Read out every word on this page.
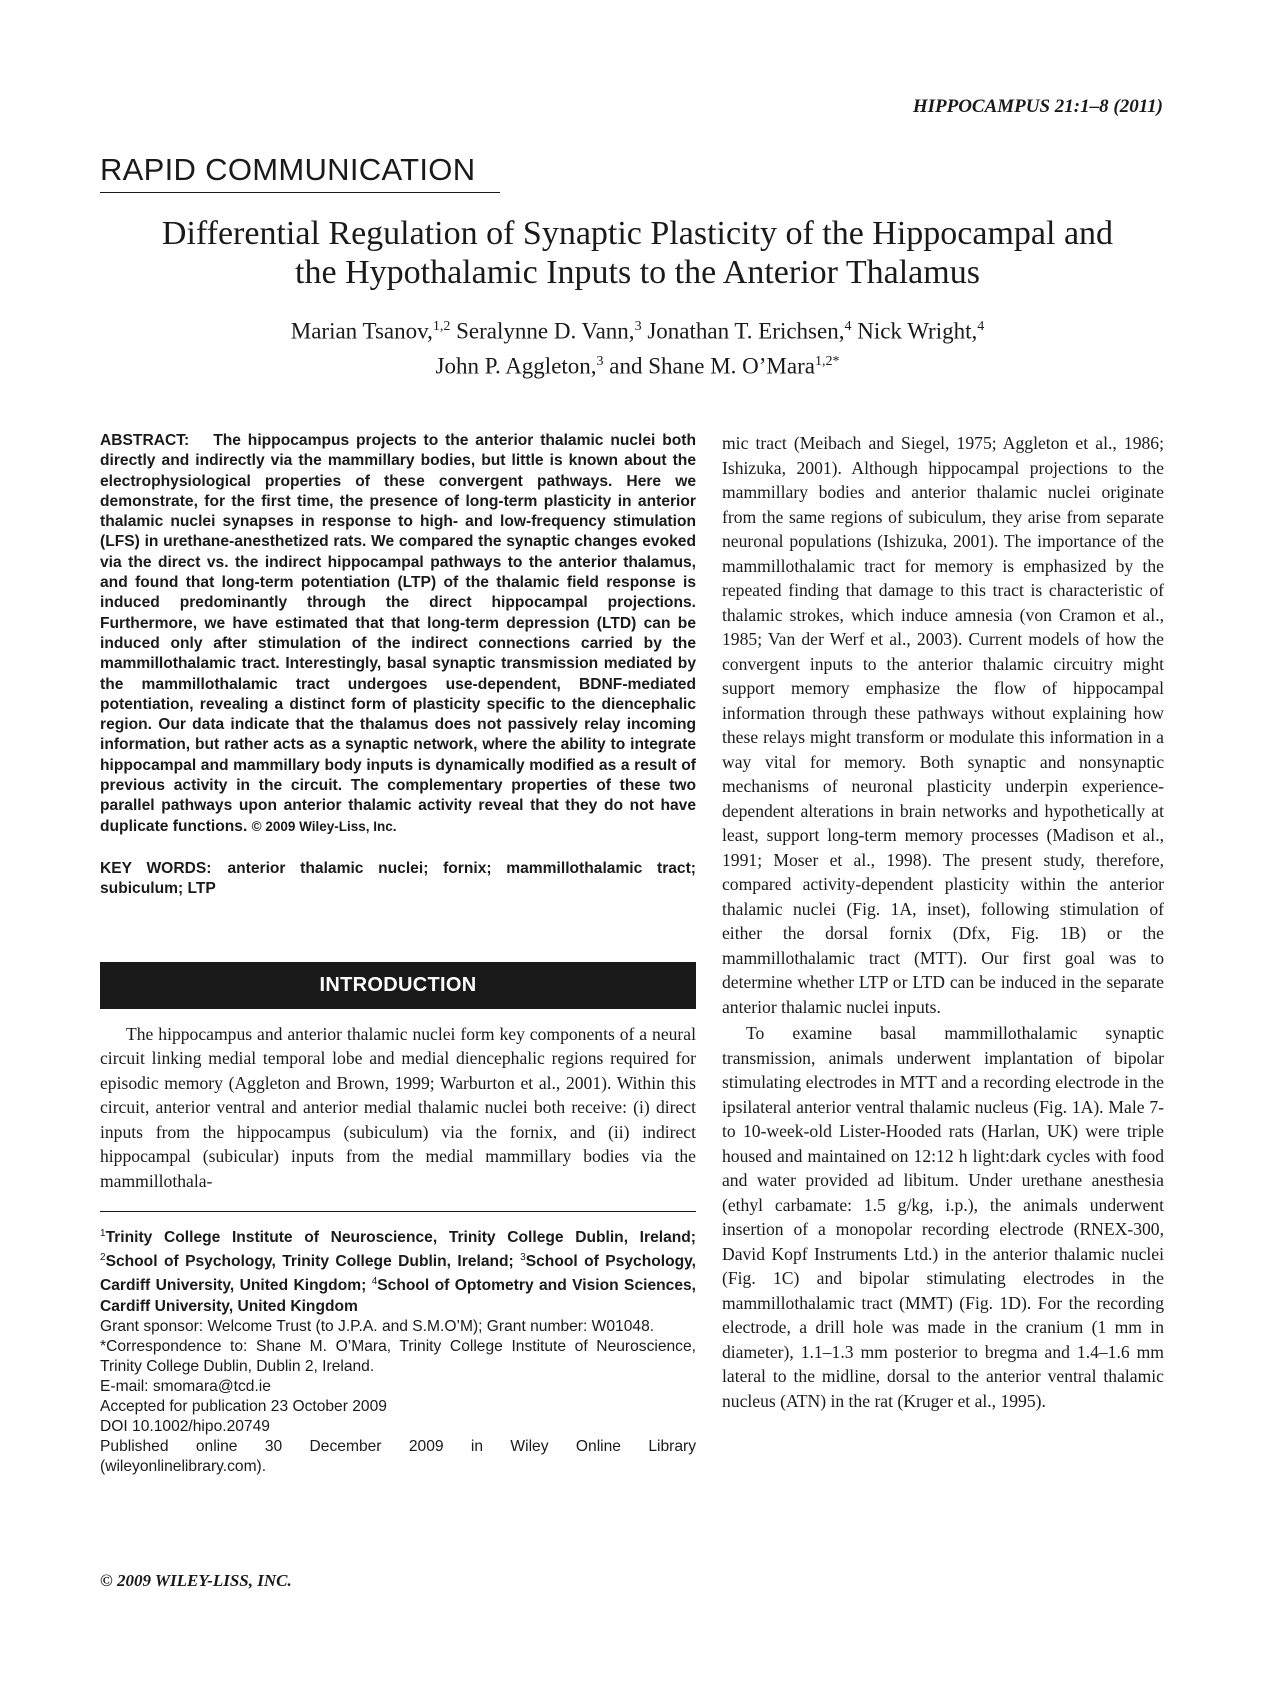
HIPPOCAMPUS 21:1–8 (2011)
RAPID COMMUNICATION
Differential Regulation of Synaptic Plasticity of the Hippocampal and
the Hypothalamic Inputs to the Anterior Thalamus
Marian Tsanov,$^{1,2}$ Seralynne D. Vann,$^3$ Jonathan T. Erichsen,$^4$ Nick Wright,$^4$
John P. Aggleton,$^3$ and Shane M. O’Mara$^{1,2*}$

ABSTRACT: The hippocampus projects to the anterior thalamic nuclei both directly and indirectly via the mammillary bodies, but little is known about the electrophysiological properties of these convergent pathways. Here we demonstrate, for the first time, the presence of long-term plasticity in anterior thalamic nuclei synapses in response to high- and low-frequency stimulation (LFS) in urethane-anesthetized rats. We compared the synaptic changes evoked via the direct vs. the indirect hippocampal pathways to the anterior thalamus, and found that long-term potentiation (LTP) of the thalamic field response is induced predominantly through the direct hippocampal projections. Furthermore, we have estimated that that long-term depression (LTD) can be induced only after stimulation of the indirect connections carried by the mammillothalamic tract. Interestingly, basal synaptic transmission mediated by the mammillothalamic tract undergoes use-dependent, BDNF-mediated potentiation, revealing a distinct form of plasticity specific to the diencephalic region. Our data indicate that the thalamus does not passively relay incoming information, but rather acts as a synaptic network, where the ability to integrate hippocampal and mammillary body inputs is dynamically modified as a result of previous activity in the circuit. The complementary properties of these two parallel pathways upon anterior thalamic activity reveal that they do not have duplicate functions. © 2009 Wiley-Liss, Inc.

KEY WORDS: anterior thalamic nuclei; fornix; mammillothalamic tract; subiculum; LTP

INTRODUCTION

The hippocampus and anterior thalamic nuclei form key components of a neural circuit linking medial temporal lobe and medial diencephalic regions required for episodic memory (Aggleton and Brown, 1999; Warburton et al., 2001). Within this circuit, anterior ventral and anterior medial thalamic nuclei both receive: (i) direct inputs from the hippocampus (subiculum) via the fornix, and (ii) indirect hippocampal (subicular) inputs from the medial mammillary bodies via the mammillothala-

$^1$Trinity College Institute of Neuroscience, Trinity College Dublin, Ireland; $^2$School of Psychology, Trinity College Dublin, Ireland; $^3$School of Psychology, Cardiff University, United Kingdom; $^4$School of Optometry and Vision Sciences, Cardiff University, United Kingdom

Grant sponsor: Welcome Trust (to J.P.A. and S.M.O’M); Grant number: W01048.

*Correspondence to: Shane M. O’Mara, Trinity College Institute of Neuroscience, Trinity College Dublin, Dublin 2, Ireland.

E-mail: smomara@tcd.ie

Accepted for publication 23 October 2009

DOI 10.1002/hipo.20749

Published online 30 December 2009 in Wiley Online Library

(wileyonlinelibrary.com).

mic tract (Meibach and Siegel, 1975; Aggleton et al., 1986; Ishizuka, 2001). Although hippocampal projections to the mammillary bodies and anterior thalamic nuclei originate from the same regions of subiculum, they arise from separate neuronal populations (Ishizuka, 2001). The importance of the mammillothalamic tract for memory is emphasized by the repeated finding that damage to this tract is characteristic of thalamic strokes, which induce amnesia (von Cramon et al., 1985; Van der Werf et al., 2003). Current models of how the convergent inputs to the anterior thalamic circuitry might support memory emphasize the flow of hippocampal information through these pathways without explaining how these relays might transform or modulate this information in a way vital for memory. Both synaptic and nonsynaptic mechanisms of neuronal plasticity underpin experience-dependent alterations in brain networks and hypothetically at least, support long-term memory processes (Madison et al., 1991; Moser et al., 1998). The present study, therefore, compared activity-dependent plasticity within the anterior thalamic nuclei (Fig. 1A, inset), following stimulation of either the dorsal fornix (Dfx, Fig. 1B) or the mammillothalamic tract (MTT). Our first goal was to determine whether LTP or LTD can be induced in the separate anterior thalamic nuclei inputs.

To examine basal mammillothalamic synaptic transmission, animals underwent implantation of bipolar stimulating electrodes in MTT and a recording electrode in the ipsilateral anterior ventral thalamic nucleus (Fig. 1A). Male 7- to 10-week-old Lister-Hooded rats (Harlan, UK) were triple housed and maintained on 12:12 h light:dark cycles with food and water provided ad libitum. Under urethane anesthesia (ethyl carbamate: 1.5 g/kg, i.p.), the animals underwent insertion of a monopolar recording electrode (RNEX-300, David Kopf Instruments Ltd.) in the anterior thalamic nuclei (Fig. 1C) and bipolar stimulating electrodes in the mammillothalamic tract (MMT) (Fig. 1D). For the recording electrode, a drill hole was made in the cranium (1 mm in diameter), 1.1–1.3 mm posterior to bregma and 1.4–1.6 mm lateral to the midline, dorsal to the anterior ventral thalamic nucleus (ATN) in the rat (Kruger et al., 1995).

© 2009 WILEY-LISS, INC.
